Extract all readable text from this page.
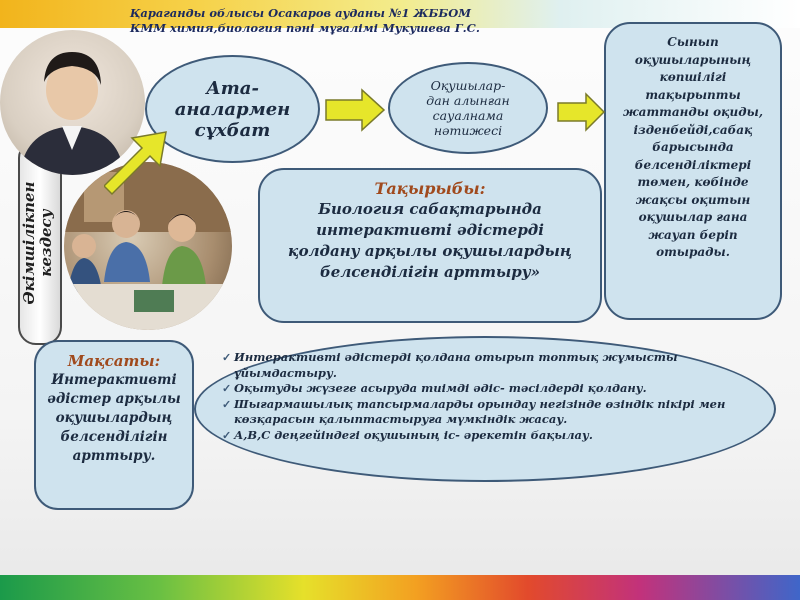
Қараганды облысы Осакаров ауданы №1 ЖББОМ
КММ химия,биология пәні мұғалімі Мукушева Г.С.
Әкімшілікпен кездесу
Ата-
аналармен
сұхбат
Оқушылар-
дан алынған
сауалнама
нәтижесі
Сынып
оқушыларының
көпшілігі
тақырыпты
жаттанды оқиды,
ізденбейді,сабақ
барысында
белсенділіктері
төмен, көбінде
жақсы оқитын
оқушылар ғана
жауап беріп
отырады.
Тақырыбы:
Биология сабақтарында
интерактивті әдістерді
қолдану арқылы оқушылардың
белсенділігін арттыру»
Мақсаты:
Интерактивті
әдістер арқылы
оқушылардың
белсенділігін
арттыру.
✓ Интерактивті әдістерді қолдана отырып топтық жұмысты ұйымдастыру.
✓ Оқытуды жүзеге асыруда тиімді әдіс- тәсілдерді қолдану.
✓ Шығармашылық тапсырмаларды орындау негізінде өзіндік пікірі мен көзқарасын қалыптастыруға мүмкіндік жасау.
✓ А,В,С деңгейіндегі оқушының іс- әрекетін бақылау.
